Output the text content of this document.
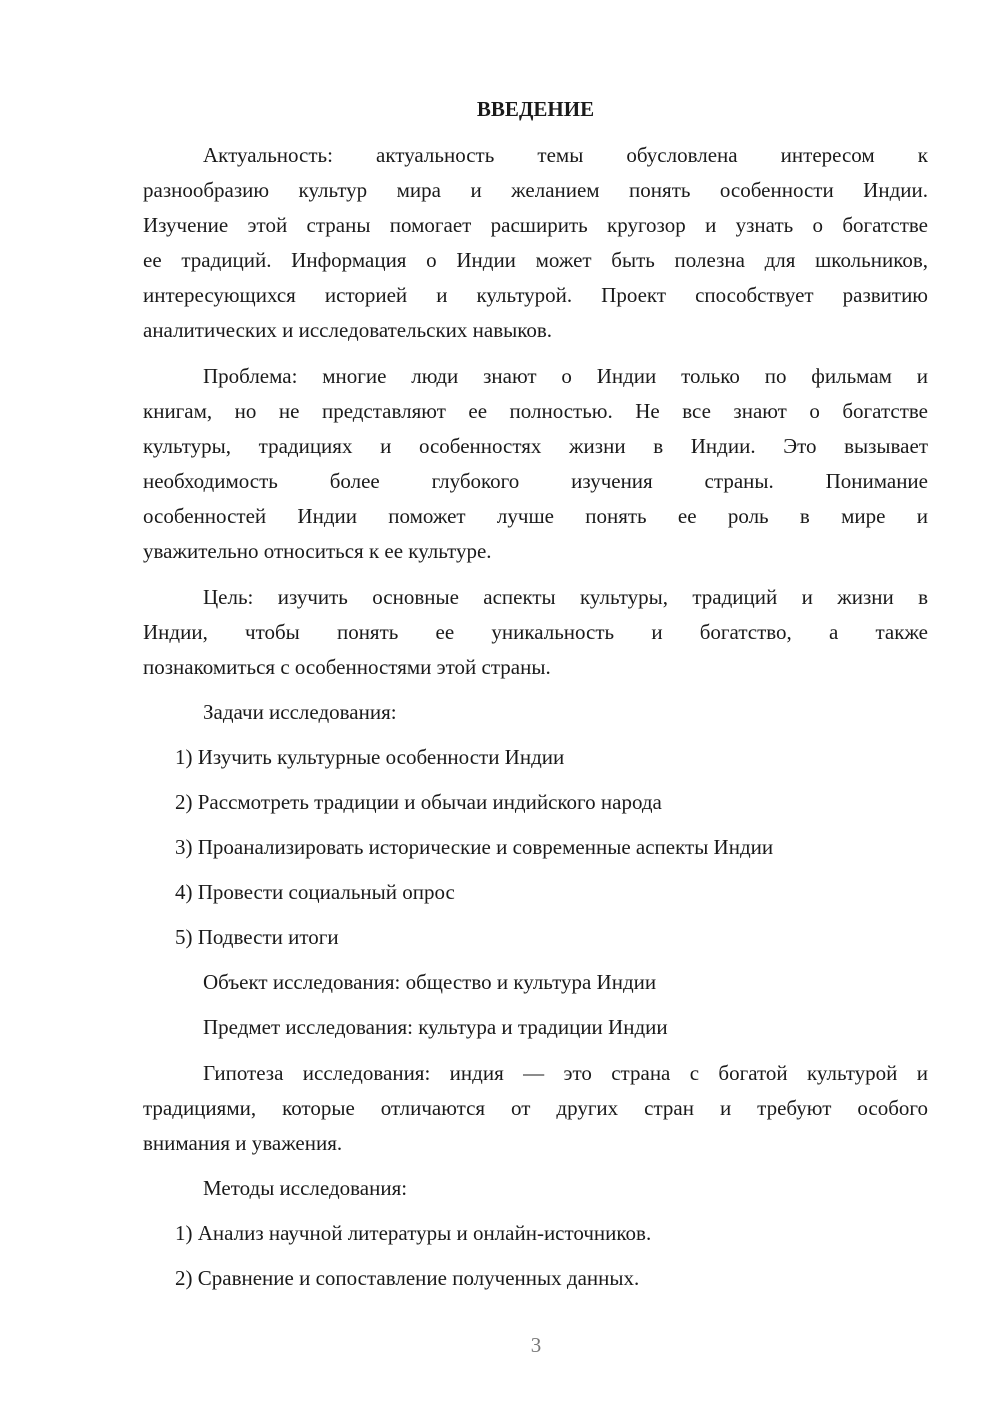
ВВЕДЕНИЕ
Актуальность: актуальность темы обусловлена интересом к
разнообразию культур мира и желанием понять особенности Индии.
Изучение этой страны помогает расширить кругозор и узнать о богатстве
ее традиций. Информация о Индии может быть полезна для школьников,
интересующихся историей и культурой. Проект способствует развитию
аналитических и исследовательских навыков.
Проблема: многие люди знают о Индии только по фильмам и
книгам, но не представляют ее полностью. Не все знают о богатстве
культуры, традициях и особенностях жизни в Индии. Это вызывает
необходимость более глубокого изучения страны. Понимание
особенностей Индии поможет лучше понять ее роль в мире и
уважительно относиться к ее культуре.
Цель: изучить основные аспекты культуры, традиций и жизни в
Индии, чтобы понять ее уникальность и богатство, а также
познакомиться с особенностями этой страны.
Задачи исследования:
1) Изучить культурные особенности Индии
2) Рассмотреть традиции и обычаи индийского народа
3) Проанализировать исторические и современные аспекты Индии
4) Провести социальный опрос
5) Подвести итоги
Объект исследования: общество и культура Индии
Предмет исследования: культура и традиции Индии
Гипотеза исследования: индия — это страна с богатой культурой и
традициями, которые отличаются от других стран и требуют особого
внимания и уважения.
Методы исследования:
1) Анализ научной литературы и онлайн-источников.
2) Сравнение и сопоставление полученных данных.
3
